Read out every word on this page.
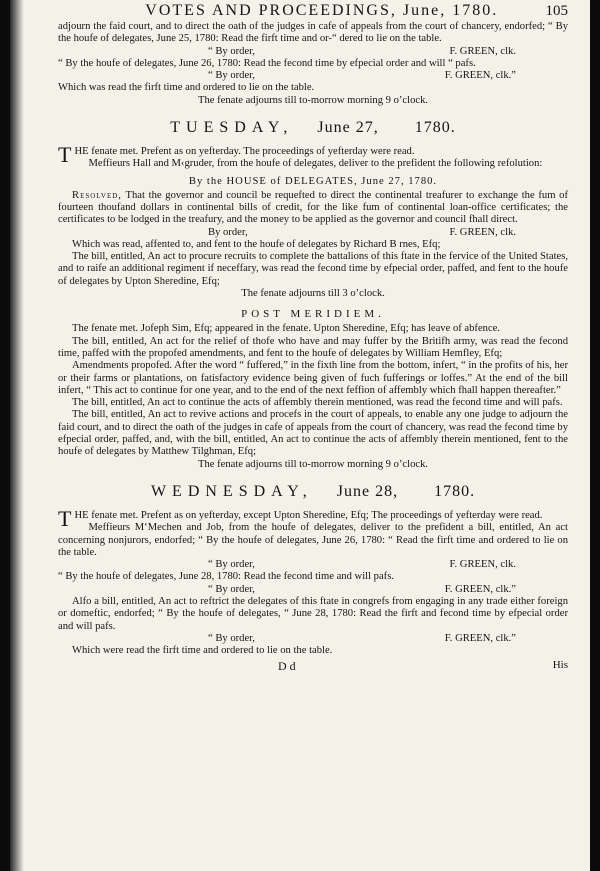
VOTES AND PROCEEDINGS, June, 1780.	105

adjourn the faid court, and to direct the oath of the judges in cafe of appeals from the court of chancery, endorfed; “ By the houfe of delegates, June 25, 1780: Read the firft time and or-“ dered to lie on the table.

“ By order,	F. GREEN, clk.

“ By the houfe of delegates, June 26, 1780: Read the fecond time by efpecial order and will “ pafs.

“ By order,	F. GREEN, clk.”

Which was read the firft time and ordered to lie on the table.

The fenate adjourns till to-morrow morning 9 o’clock.
TUESDAY, June 27, 1780.

THE fenate met. Prefent as on yefterday. The proceedings of yefterday were read.

Meffieurs Hall and M‹gruder, from the houfe of delegates, deliver to the prefident the following refolution:

By the HOUSE of DELEGATES, June 27, 1780.

Resolved, That the governor and council be requefted to direct the continental treafurer to exchange the fum of fourteen thoufand dollars in continental bills of credit, for the like fum of continental loan-office certificates; the certificates to be lodged in the treafury, and the money to be applied as the governor and council fhall direct.

By order,	F. GREEN, clk.

Which was read, affented to, and fent to the houfe of delegates by Richard B rnes, Efq;

The bill, entitled, An act to procure recruits to complete the battalions of this ftate in the fervice of the United States, and to raife an additional regiment if neceffary, was read the fecond time by efpecial order, paffed, and fent to the houfe of delegates by Upton Sheredine, Efq;

The fenate adjourns till 3 o’clock.
POST MERIDIEM.

The fenate met. Jofeph Sim, Efq; appeared in the fenate. Upton Sheredine, Efq; has leave of abfence.

The bill, entitled, An act for the relief of thofe who have and may fuffer by the Britifh army, was read the fecond time, paffed with the propofed amendments, and fent to the houfe of delegates by William Hemfley, Efq;

Amendments propofed. After the word “ fuffered,” in the fixth line from the bottom, infert, “ in the profits of his, her or their farms or plantations, on fatisfactory evidence being given of fuch fufferings or loffes.” At the end of the bill infert, “ This act to continue for one year, and to the end of the next feffion of affembly which fhall happen thereafter.”

The bill, entitled, An act to continue the acts of affembly therein mentioned, was read the fecond time and will pafs.

The bill, entitled, An act to revive actions and procefs in the court of appeals, to enable any one judge to adjourn the faid court, and to direct the oath of the judges in cafe of appeals from the court of chancery, was read the fecond time by efpecial order, paffed, and, with the bill, entitled, An act to continue the acts of affembly therein mentioned, fent to the houfe of delegates by Matthew Tilghman, Efq;

The fenate adjourns till to-morrow morning 9 o’clock.
WEDNESDAY, June 28, 1780.

THE fenate met. Prefent as on yefterday, except Upton Sheredine, Efq; The proceedings of yefterday were read.

Meffieurs M‘Mechen and Job, from the houfe of delegates, deliver to the prefident a bill, entitled, An act concerning nonjurors, endorfed; “ By the houfe of delegates, June 26, 1780: “ Read the firft time and ordered to lie on the table.

“ By order,	F. GREEN, clk.

“ By the houfe of delegates, June 28, 1780: Read the fecond time and will pafs.

“ By order,	F. GREEN, clk.”

Alfo a bill, entitled, An act to reftrict the delegates of this ftate in congrefs from engaging in any trade either foreign or domeftic, endorfed; “ By the houfe of delegates, “ June 28, 1780: Read the firft and fecond time by efpecial order and will pafs.

“ By order,	F. GREEN, clk.”

Which were read the firft time and ordered to lie on the table.

D d	His
